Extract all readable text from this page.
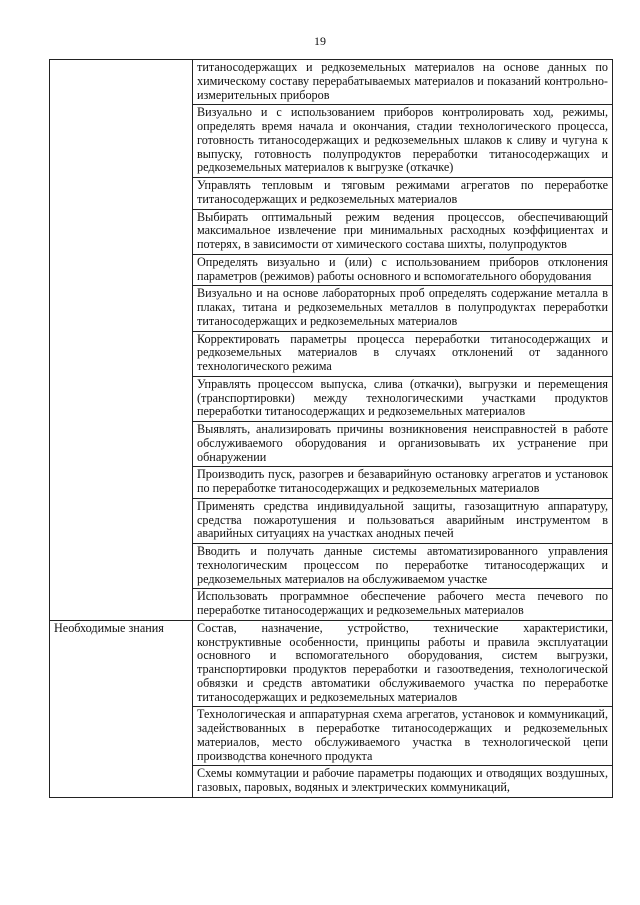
19
	титаносодержащих и редкоземельных материалов на основе данных по химическому составу перерабатываемых материалов и показаний контрольно-измерительных приборов
	Визуально и с использованием приборов контролировать ход, режимы, определять время начала и окончания, стадии технологического процесса, готовность титаносодержащих и редкоземельных шлаков к сливу и чугуна к выпуску, готовность полупродуктов переработки титаносодержащих и редкоземельных материалов к выгрузке (откачке)
	Управлять тепловым и тяговым режимами агрегатов по переработке титаносодержащих и редкоземельных материалов
	Выбирать оптимальный режим ведения процессов, обеспечивающий максимальное извлечение при минимальных расходных коэффициентах и потерях, в зависимости от химического состава шихты, полупродуктов
	Определять визуально и (или) с использованием приборов отклонения параметров (режимов) работы основного и вспомогательного оборудования
	Визуально и на основе лабораторных проб определять содержание металла в плаках, титана и редкоземельных металлов в полупродуктах переработки титаносодержащих и редкоземельных материалов
	Корректировать параметры процесса переработки титаносодержащих и редкоземельных материалов в случаях отклонений от заданного технологического режима
	Управлять процессом выпуска, слива (откачки), выгрузки и перемещения (транспортировки) между технологическими участками продуктов переработки титаносодержащих и редкоземельных материалов
	Выявлять, анализировать причины возникновения неисправностей в работе обслуживаемого оборудования и организовывать их устранение при обнаружении
	Производить пуск, разогрев и безаварийную остановку агрегатов и установок по переработке титаносодержащих и редкоземельных материалов
	Применять средства индивидуальной защиты, газозащитную аппаратуру, средства пожаротушения и пользоваться аварийным инструментом в аварийных ситуациях на участках анодных печей
	Вводить и получать данные системы автоматизированного управления технологическим процессом по переработке титаносодержащих и редкоземельных материалов на обслуживаемом участке
	Использовать программное обеспечение рабочего места печевого по переработке титаносодержащих и редкоземельных материалов
Необходимые знания	Состав, назначение, устройство, технические характеристики, конструктивные особенности, принципы работы и правила эксплуатации основного и вспомогательного оборудования, систем выгрузки, транспортировки продуктов переработки и газоотведения, технологической обвязки и средств автоматики обслуживаемого участка по переработке титаносодержащих и редкоземельных материалов
	Технологическая и аппаратурная схема агрегатов, установок и коммуникаций, задействованных в переработке титаносодержащих и редкоземельных материалов, место обслуживаемого участка в технологической цепи производства конечного продукта
	Схемы коммутации и рабочие параметры подающих и отводящих воздушных, газовых, паровых, водяных и электрических коммуникаций,
